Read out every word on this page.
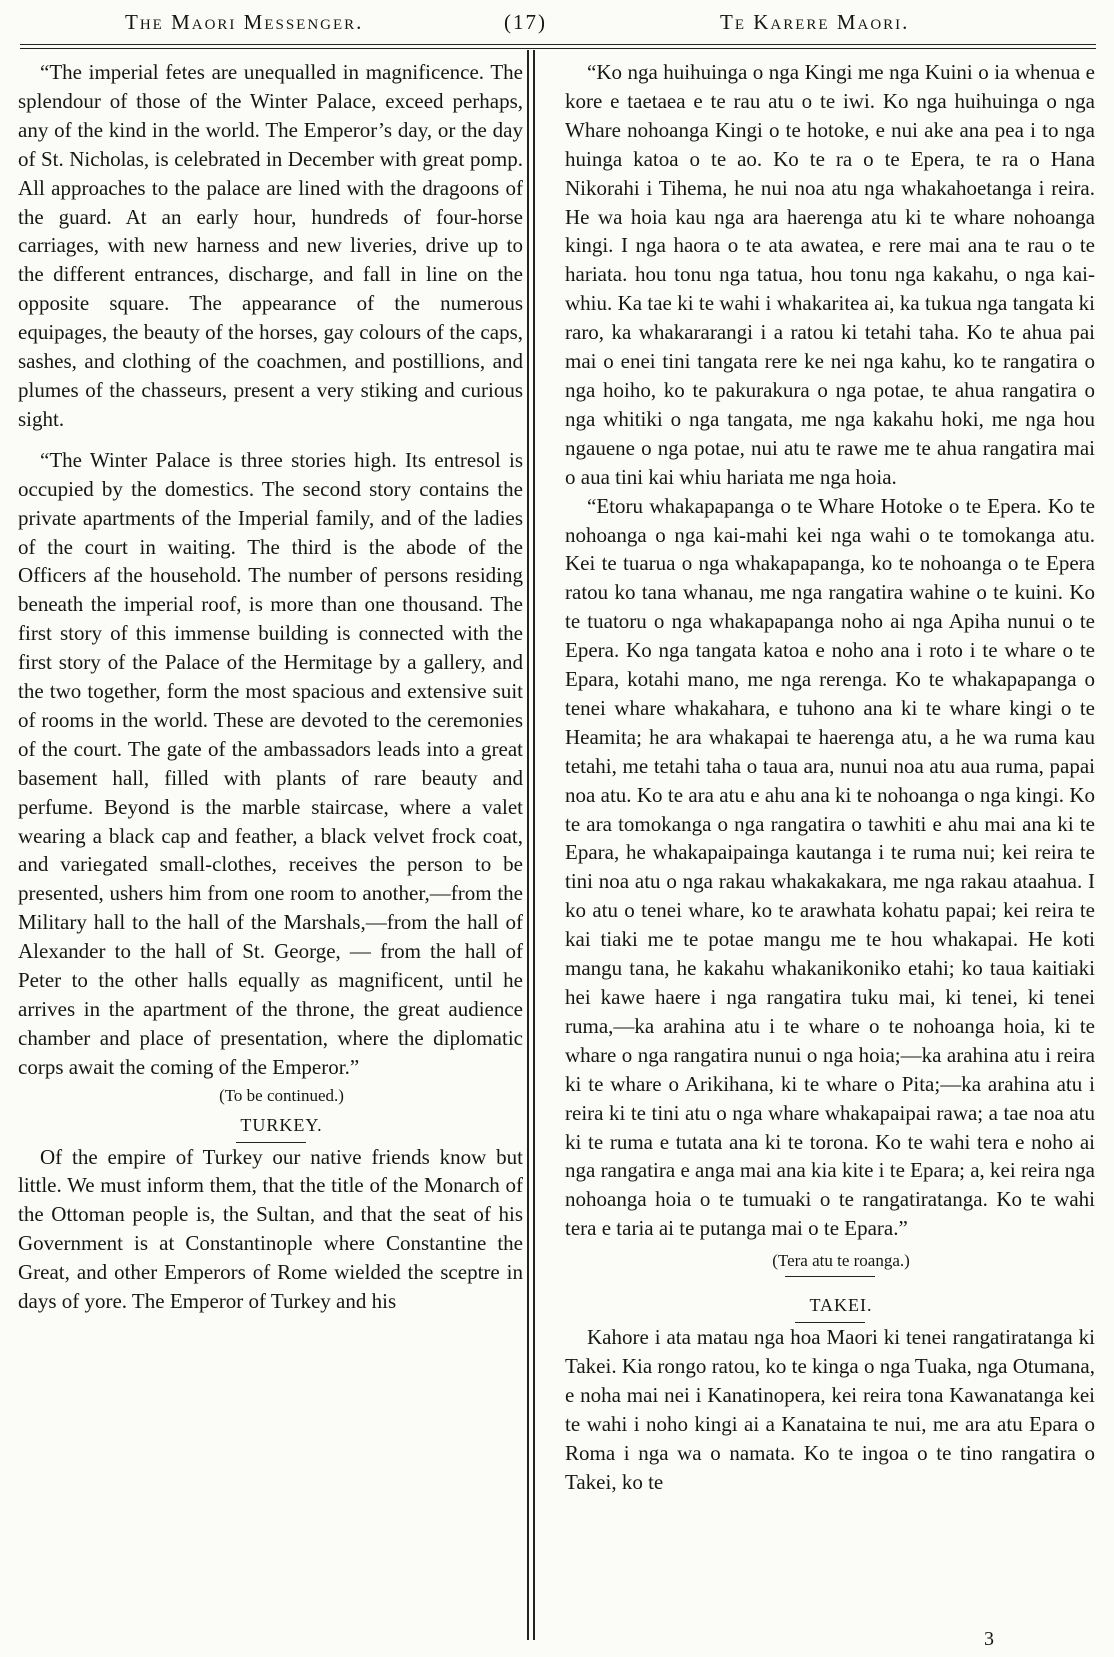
The Maori Messenger.	(17)	Te Karere Maori.

“The imperial fetes are unequalled in magnificence. The splendour of those of the Winter Palace, exceed perhaps, any of the kind in the world. The Emperor’s day, or the day of St. Nicholas, is celebrated in December with great pomp. All approaches to the palace are lined with the dragoons of the guard. At an early hour, hundreds of four-horse carriages, with new harness and new liveries, drive up to the different entrances, discharge, and fall in line on the opposite square. The appearance of the numerous equipages, the beauty of the horses, gay colours of the caps, sashes, and clothing of the coachmen, and postillions, and plumes of the chasseurs, present a very stiking and curious sight.

“The Winter Palace is three stories high. Its entresol is occupied by the domestics. The second story contains the private apartments of the Imperial family, and of the ladies of the court in waiting. The third is the abode of the Officers af the household. The number of persons residing beneath the imperial roof, is more than one thousand. The first story of this immense building is connected with the first story of the Palace of the Hermitage by a gallery, and the two together, form the most spacious and extensive suit of rooms in the world. These are devoted to the ceremonies of the court. The gate of the ambassadors leads into a great basement hall, filled with plants of rare beauty and perfume. Beyond is the marble staircase, where a valet wearing a black cap and feather, a black velvet frock coat, and variegated small-clothes, receives the person to be presented, ushers him from one room to another,—from the Military hall to the hall of the Marshals,—from the hall of Alexander to the hall of St. George, — from the hall of Peter to the other halls equally as magnificent, until he arrives in the apartment of the throne, the great audience chamber and place of presentation, where the diplomatic corps await the coming of the Emperor.”

(To be continued.)

TURKEY.

Of the empire of Turkey our native friends know but little. We must inform them, that the title of the Monarch of the Ottoman people is, the Sultan, and that the seat of his Government is at Constantinople where Constantine the Great, and other Emperors of Rome wielded the sceptre in days of yore. The Emperor of Turkey and his

“Ko nga huihuinga o nga Kingi me nga Kuini o ia whenua e kore e taetaea e te rau atu o te iwi. Ko nga huihuinga o nga Whare nohoanga Kingi o te hotoke, e nui ake ana pea i to nga huinga katoa o te ao. Ko te ra o te Epera, te ra o Hana Nikorahi i Tihema, he nui noa atu nga whakahoetanga i reira. He wa hoia kau nga ara haerenga atu ki te whare nohoanga kingi. I nga haora o te ata awatea, e rere mai ana te rau o te hariata. hou tonu nga tatua, hou tonu nga kakahu, o nga kai-whiu. Ka tae ki te wahi i whakaritea ai, ka tukua nga tangata ki raro, ka whakararangi i a ratou ki tetahi taha. Ko te ahua pai mai o enei tini tangata rere ke nei nga kahu, ko te rangatira o nga hoiho, ko te pakurakura o nga potae, te ahua rangatira o nga whitiki o nga tangata, me nga kakahu hoki, me nga hou ngauene o nga potae, nui atu te rawe me te ahua rangatira mai o aua tini kai whiu hariata me nga hoia.

“Etoru whakapapanga o te Whare Hotoke o te Epera. Ko te nohoanga o nga kai-mahi kei nga wahi o te tomokanga atu. Kei te tuarua o nga whakapapanga, ko te nohoanga o te Epera ratou ko tana whanau, me nga rangatira wahine o te kuini. Ko te tuatoru o nga whakapapanga noho ai nga Apiha nunui o te Epera. Ko nga tangata katoa e noho ana i roto i te whare o te Epara, kotahi mano, me nga rerenga. Ko te whakapapanga o tenei whare whakahara, e tuhono ana ki te whare kingi o te Heamita; he ara whakapai te haerenga atu, a he wa ruma kau tetahi, me tetahi taha o taua ara, nunui noa atu aua ruma, papai noa atu. Ko te ara atu e ahu ana ki te nohoanga o nga kingi. Ko te ara tomokanga o nga rangatira o tawhiti e ahu mai ana ki te Epara, he whakapaipainga kautanga i te ruma nui; kei reira te tini noa atu o nga rakau whakakakara, me nga rakau ataahua. I ko atu o tenei whare, ko te arawhata kohatu papai; kei reira te kai tiaki me te potae mangu me te hou whakapai. He koti mangu tana, he kakahu whakanikoniko etahi; ko taua kaitiaki hei kawe haere i nga rangatira tuku mai, ki tenei, ki tenei ruma,—ka arahina atu i te whare o te nohoanga hoia, ki te whare o nga rangatira nunui o nga hoia;—ka arahina atu i reira ki te whare o Arikihana, ki te whare o Pita;—ka arahina atu i reira ki te tini atu o nga whare whakapaipai rawa; a tae noa atu ki te ruma e tutata ana ki te torona. Ko te wahi tera e noho ai nga rangatira e anga mai ana kia kite i te Epara; a, kei reira nga nohoanga hoia o te tumuaki o te rangatiratanga. Ko te wahi tera e taria ai te putanga mai o te Epara.”

(Tera atu te roanga.)

TAKEI.

Kahore i ata matau nga hoa Maori ki tenei rangatiratanga ki Takei. Kia rongo ratou, ko te kinga o nga Tuaka, nga Otumana, e noha mai nei i Kanatinopera, kei reira tona Kawanatanga kei te wahi i noho kingi ai a Kanataina te nui, me ara atu Epara o Roma i nga wa o namata. Ko te ingoa o te tino rangatira o Takei, ko te

3
